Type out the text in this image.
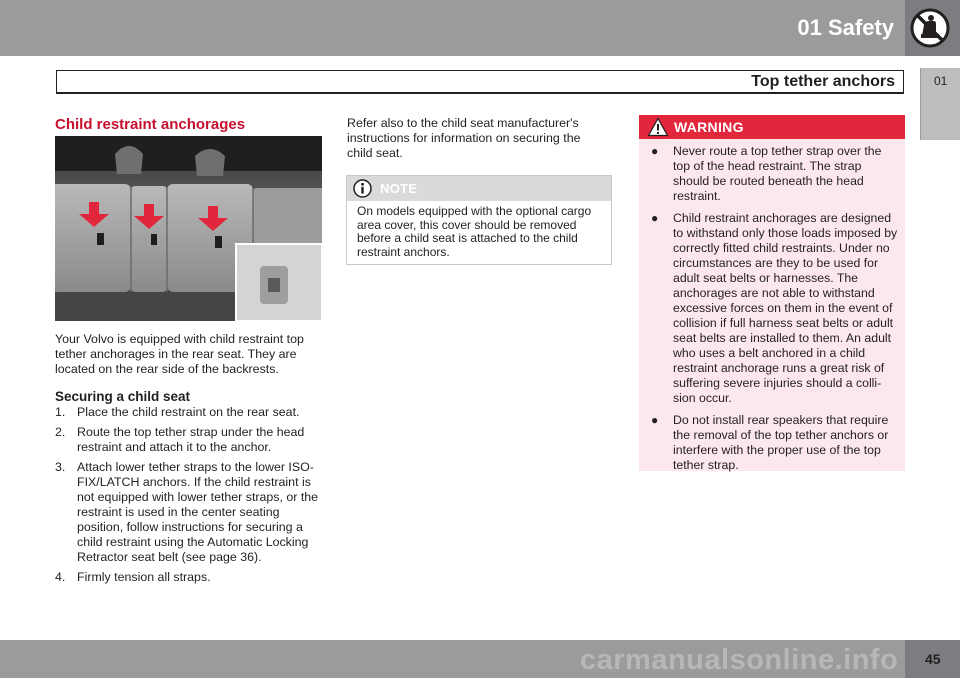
01 Safety
Top tether anchors	01
Child restraint anchorages
Your Volvo is equipped with child restraint top tether anchorages in the rear seat. They are located on the rear side of the backrests.
Securing a child seat
1. Place the child restraint on the rear seat.
2. Route the top tether strap under the head restraint and attach it to the anchor.
3. Attach lower tether straps to the lower ISO-FIX/LATCH anchors. If the child restraint is not equipped with lower tether straps, or the restraint is used in the center seating position, follow instructions for securing a child restraint using the Automatic Locking Retractor seat belt (see page 36).
4. Firmly tension all straps.
Refer also to the child seat manufacturer's instructions for information on securing the child seat.
NOTE
On models equipped with the optional cargo area cover, this cover should be removed before a child seat is attached to the child restraint anchors.
WARNING
● Never route a top tether strap over the top of the head restraint. The strap should be routed beneath the head restraint.
● Child restraint anchorages are designed to withstand only those loads imposed by correctly fitted child restraints. Under no circumstances are they to be used for adult seat belts or harnesses. The anchorages are not able to withstand excessive forces on them in the event of collision if full harness seat belts or adult seat belts are installed to them. An adult who uses a belt anchored in a child restraint anchorage runs a great risk of suffering severe injuries should a colli-sion occur.
● Do not install rear speakers that require the removal of the top tether anchors or interfere with the proper use of the top tether strap.
carmanualsonline.info 45
